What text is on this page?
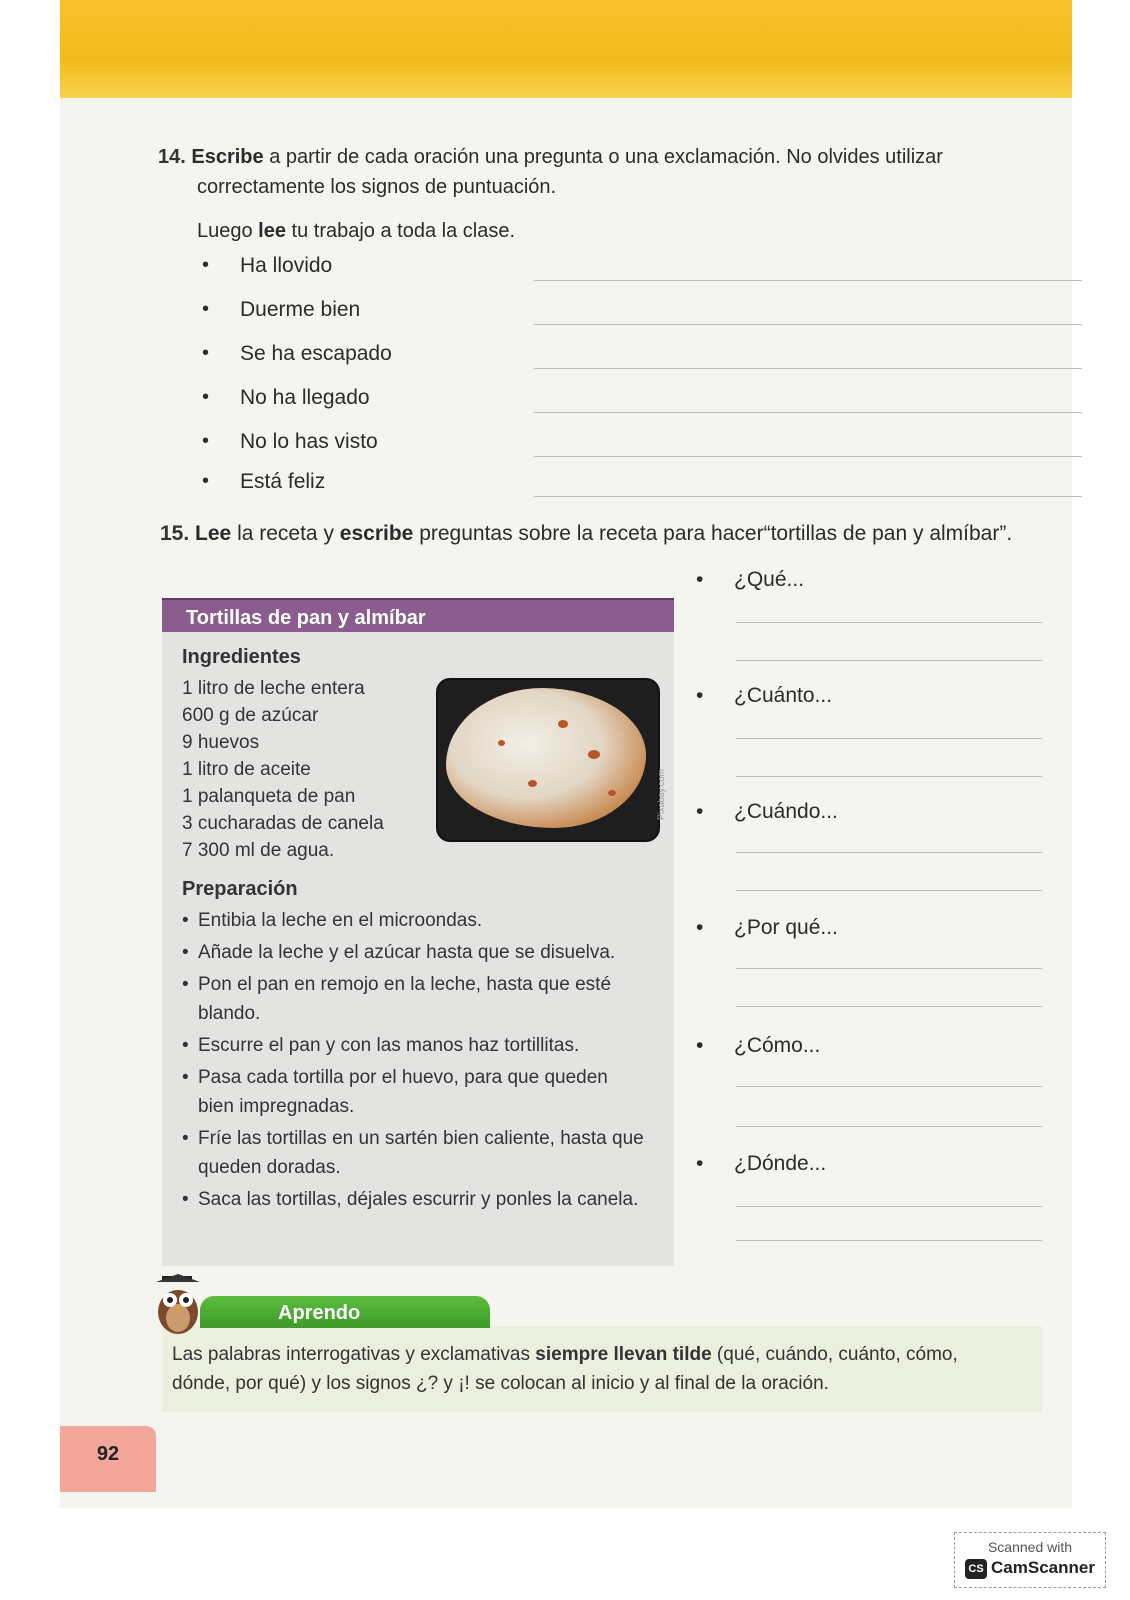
14. Escribe a partir de cada oración una pregunta o una exclamación. No olvides utilizar
correctamente los signos de puntuación.
Luego lee tu trabajo a toda la clase.
• Ha llovido
• Duerme bien
• Se ha escapado
• No ha llegado
• No lo has visto
• Está feliz
15. Lee la receta y escribe preguntas sobre la receta para hacer“tortillas de pan y almíbar”.
Tortillas de pan y almíbar
Ingredientes
1 litro de leche entera
600 g de azúcar
9 huevos
1 litro de aceite
1 palanqueta de pan
3 cucharadas de canela
7 300 ml de agua.
Pixabay.com
Preparación
• Entibia la leche en el microondas.
• Añade la leche y el azúcar hasta que se disuelva.
• Pon el pan en remojo en la leche, hasta que esté
blando.
• Escurre el pan y con las manos haz tortillitas.
• Pasa cada tortilla por el huevo, para que queden
bien impregnadas.
• Fríe las tortillas en un sartén bien caliente, hasta que
queden doradas.
• Saca las tortillas, déjales escurrir y ponles la canela.
• ¿Qué...
• ¿Cuánto...
• ¿Cuándo...
• ¿Por qué...
• ¿Cómo...
• ¿Dónde...
Aprendo
Las palabras interrogativas y exclamativas siempre llevan tilde (qué, cuándo, cuánto, cómo,
dónde, por qué) y los signos ¿? y ¡! se colocan al inicio y al final de la oración.
92
Scanned with
CS CamScanner
